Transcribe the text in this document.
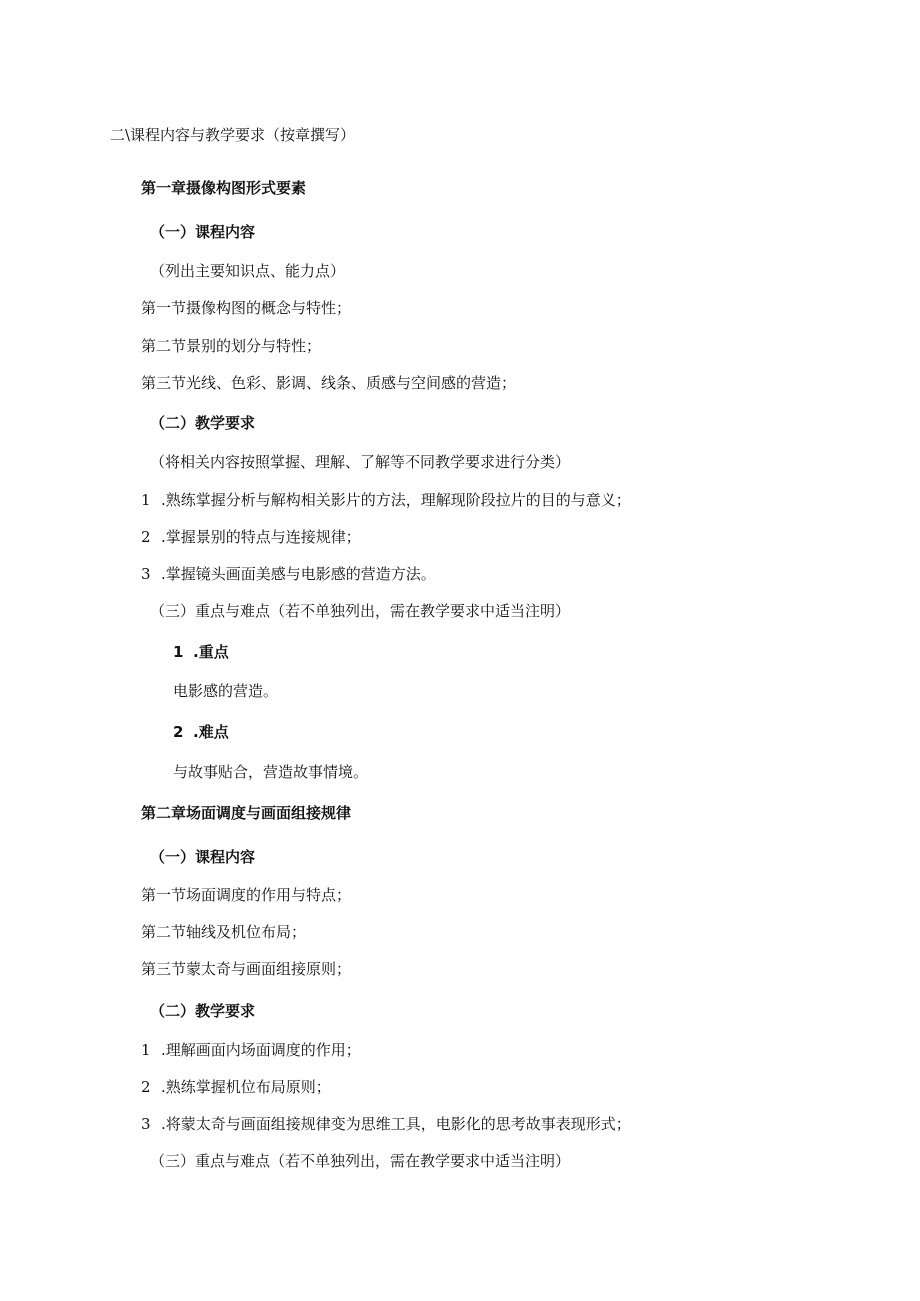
二\课程内容与教学要求（按章撰写）
第一章摄像构图形式要素
（一）课程内容
（列出主要知识点、能力点）
第一节摄像构图的概念与特性；
第二节景别的划分与特性；
第三节光线、色彩、影调、线条、质感与空间感的营造；
（二）教学要求
（将相关内容按照掌握、理解、了解等不同教学要求进行分类）
1 .熟练掌握分析与解构相关影片的方法，理解现阶段拉片的目的与意义；
2 .掌握景别的特点与连接规律；
3 .掌握镜头画面美感与电影感的营造方法。
（三）重点与难点（若不单独列出，需在教学要求中适当注明）
1 .重点
电影感的营造。
2 .难点
与故事贴合，营造故事情境。
第二章场面调度与画面组接规律
（一）课程内容
第一节场面调度的作用与特点；
第二节轴线及机位布局；
第三节蒙太奇与画面组接原则；
（二）教学要求
1 .理解画面内场面调度的作用；
2 .熟练掌握机位布局原则；
3 .将蒙太奇与画面组接规律变为思维工具，电影化的思考故事表现形式；
（三）重点与难点（若不单独列出，需在教学要求中适当注明）
